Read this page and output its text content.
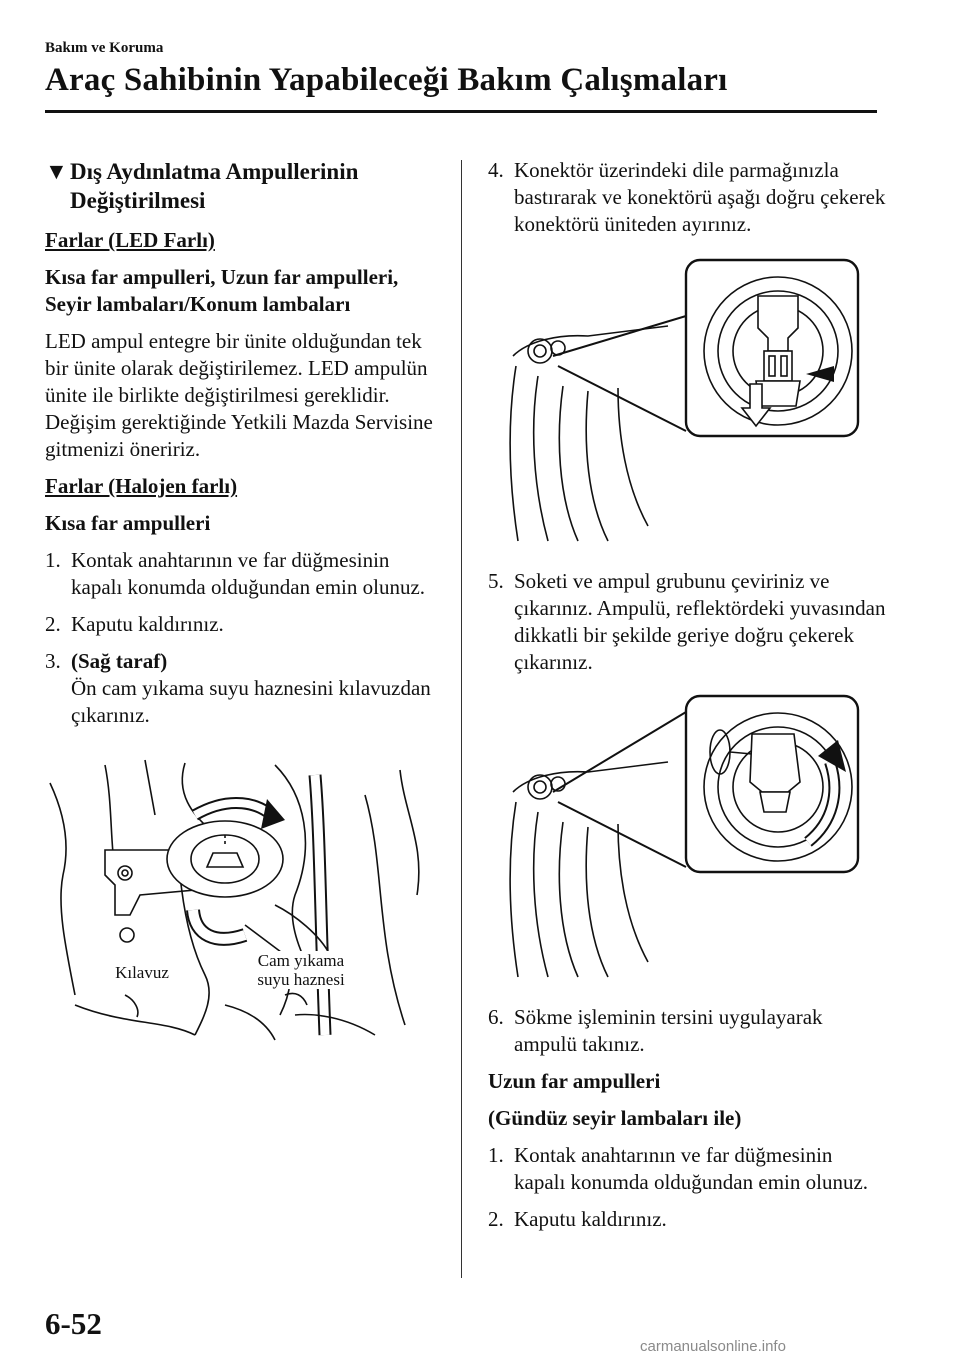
Bakım ve Koruma
Araç Sahibinin Yapabileceği Bakım Çalışmaları
▼ Dış Aydınlatma Ampullerinin Değiştirilmesi
Farlar (LED Farlı)
Kısa far ampulleri, Uzun far ampulleri, Seyir lambaları/Konum lambaları
LED ampul entegre bir ünite olduğundan tek bir ünite olarak değiştirilemez. LED ampulün ünite ile birlikte değiştirilmesi gereklidir. Değişim gerektiğinde Yetkili Mazda Servisine gitmenizi öneririz.
Farlar (Halojen farlı)
Kısa far ampulleri
1. Kontak anahtarının ve far düğmesinin kapalı konumda olduğundan emin olunuz.
2. Kaputu kaldırınız.
3. (Sağ taraf)
Ön cam yıkama suyu haznesini kılavuzdan çıkarınız.
Kılavuz
Cam yıkama suyu haznesi
4. Konektör üzerindeki dile parmağınızla bastırarak ve konektörü aşağı doğru çekerek konektörü üniteden ayırınız.
5. Soketi ve ampul grubunu çeviriniz ve çıkarınız. Ampulü, reflektördeki yuvasından dikkatli bir şekilde geriye doğru çekerek çıkarınız.
6. Sökme işleminin tersini uygulayarak ampulü takınız.
Uzun far ampulleri
(Gündüz seyir lambaları ile)
1. Kontak anahtarının ve far düğmesinin kapalı konumda olduğundan emin olunuz.
2. Kaputu kaldırınız.
6-52
carmanualsonline.info
